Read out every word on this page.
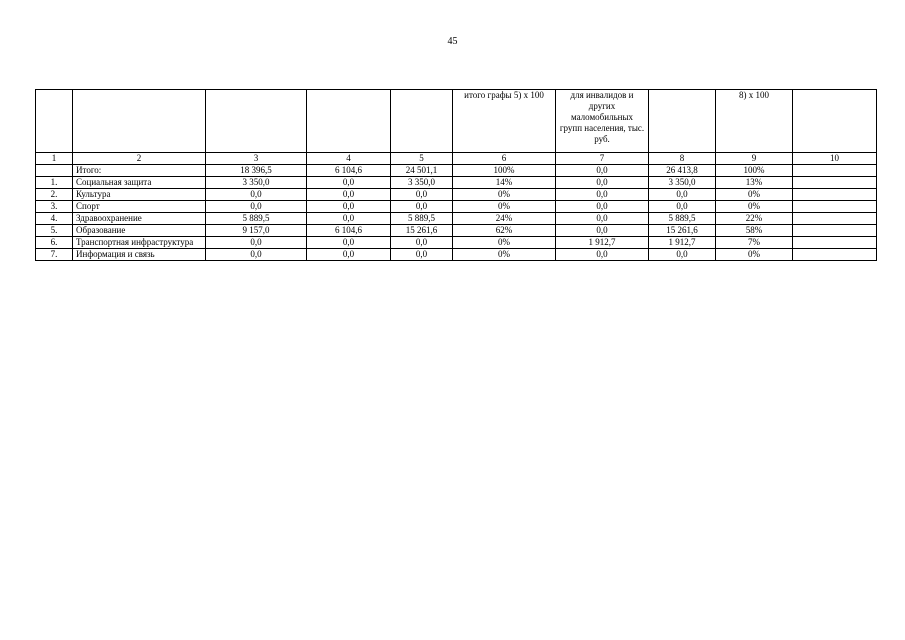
45
					итого графы 5) х 100	для инвалидов и других маломобильных групп населения, тыс. руб.		8) х 100	
1	2	3	4	5	6	7	8	9	10
	Итого:	18 396,5	6 104,6	24 501,1	100%	0,0	26 413,8	100%	
1.	Социальная защита	3 350,0	0,0	3 350,0	14%	0,0	3 350,0	13%	
2.	Культура	0,0	0,0	0,0	0%	0,0	0,0	0%	
3.	Спорт	0,0	0,0	0,0	0%	0,0	0,0	0%	
4.	Здравоохранение	5 889,5	0,0	5 889,5	24%	0,0	5 889,5	22%	
5.	Образование	9 157,0	6 104,6	15 261,6	62%	0,0	15 261,6	58%	
6.	Транспортная инфраструктура	0,0	0,0	0,0	0%	1 912,7	1 912,7	7%	
7.	Информация и связь	0,0	0,0	0,0	0%	0,0	0,0	0%	
